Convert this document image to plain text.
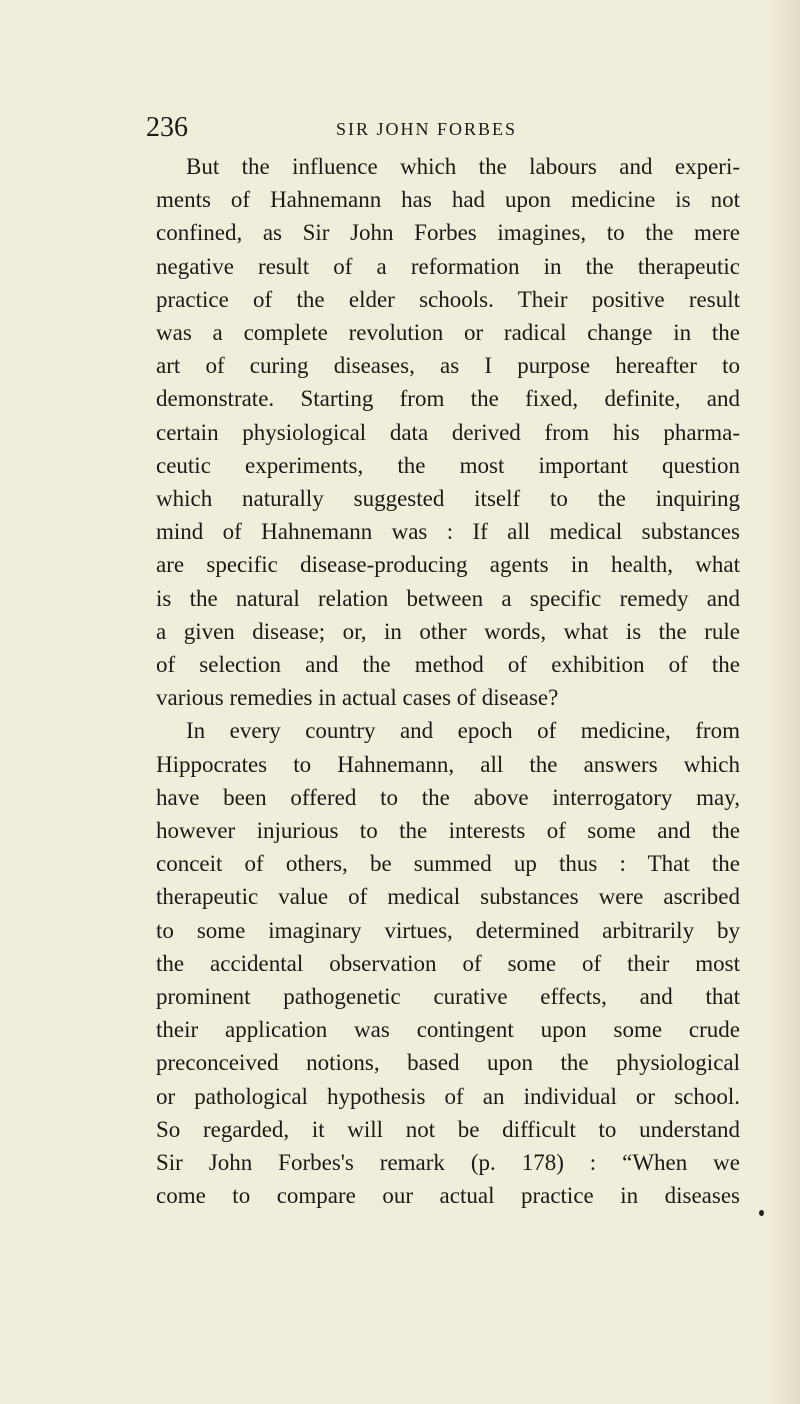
236	SIR JOHN FORBES
But the influence which the labours and experi-
ments of Hahnemann has had upon medicine is not
confined, as Sir John Forbes imagines, to the mere
negative result of a reformation in the therapeutic
practice of the elder schools. Their positive result
was a complete revolution or radical change in the
art of curing diseases, as I purpose hereafter to
demonstrate. Starting from the fixed, definite, and
certain physiological data derived from his pharma-
ceutic experiments, the most important question
which naturally suggested itself to the inquiring
mind of Hahnemann was : If all medical substances
are specific disease-producing agents in health, what
is the natural relation between a specific remedy and
a given disease; or, in other words, what is the rule
of selection and the method of exhibition of the
various remedies in actual cases of disease?
In every country and epoch of medicine, from
Hippocrates to Hahnemann, all the answers which
have been offered to the above interrogatory may,
however injurious to the interests of some and the
conceit of others, be summed up thus : That the
therapeutic value of medical substances were ascribed
to some imaginary virtues, determined arbitrarily by
the accidental observation of some of their most
prominent pathogenetic curative effects, and that
their application was contingent upon some crude
preconceived notions, based upon the physiological
or pathological hypothesis of an individual or school.
So regarded, it will not be difficult to understand
Sir John Forbes's remark (p. 178) : “When we
come to compare our actual practice in diseases
